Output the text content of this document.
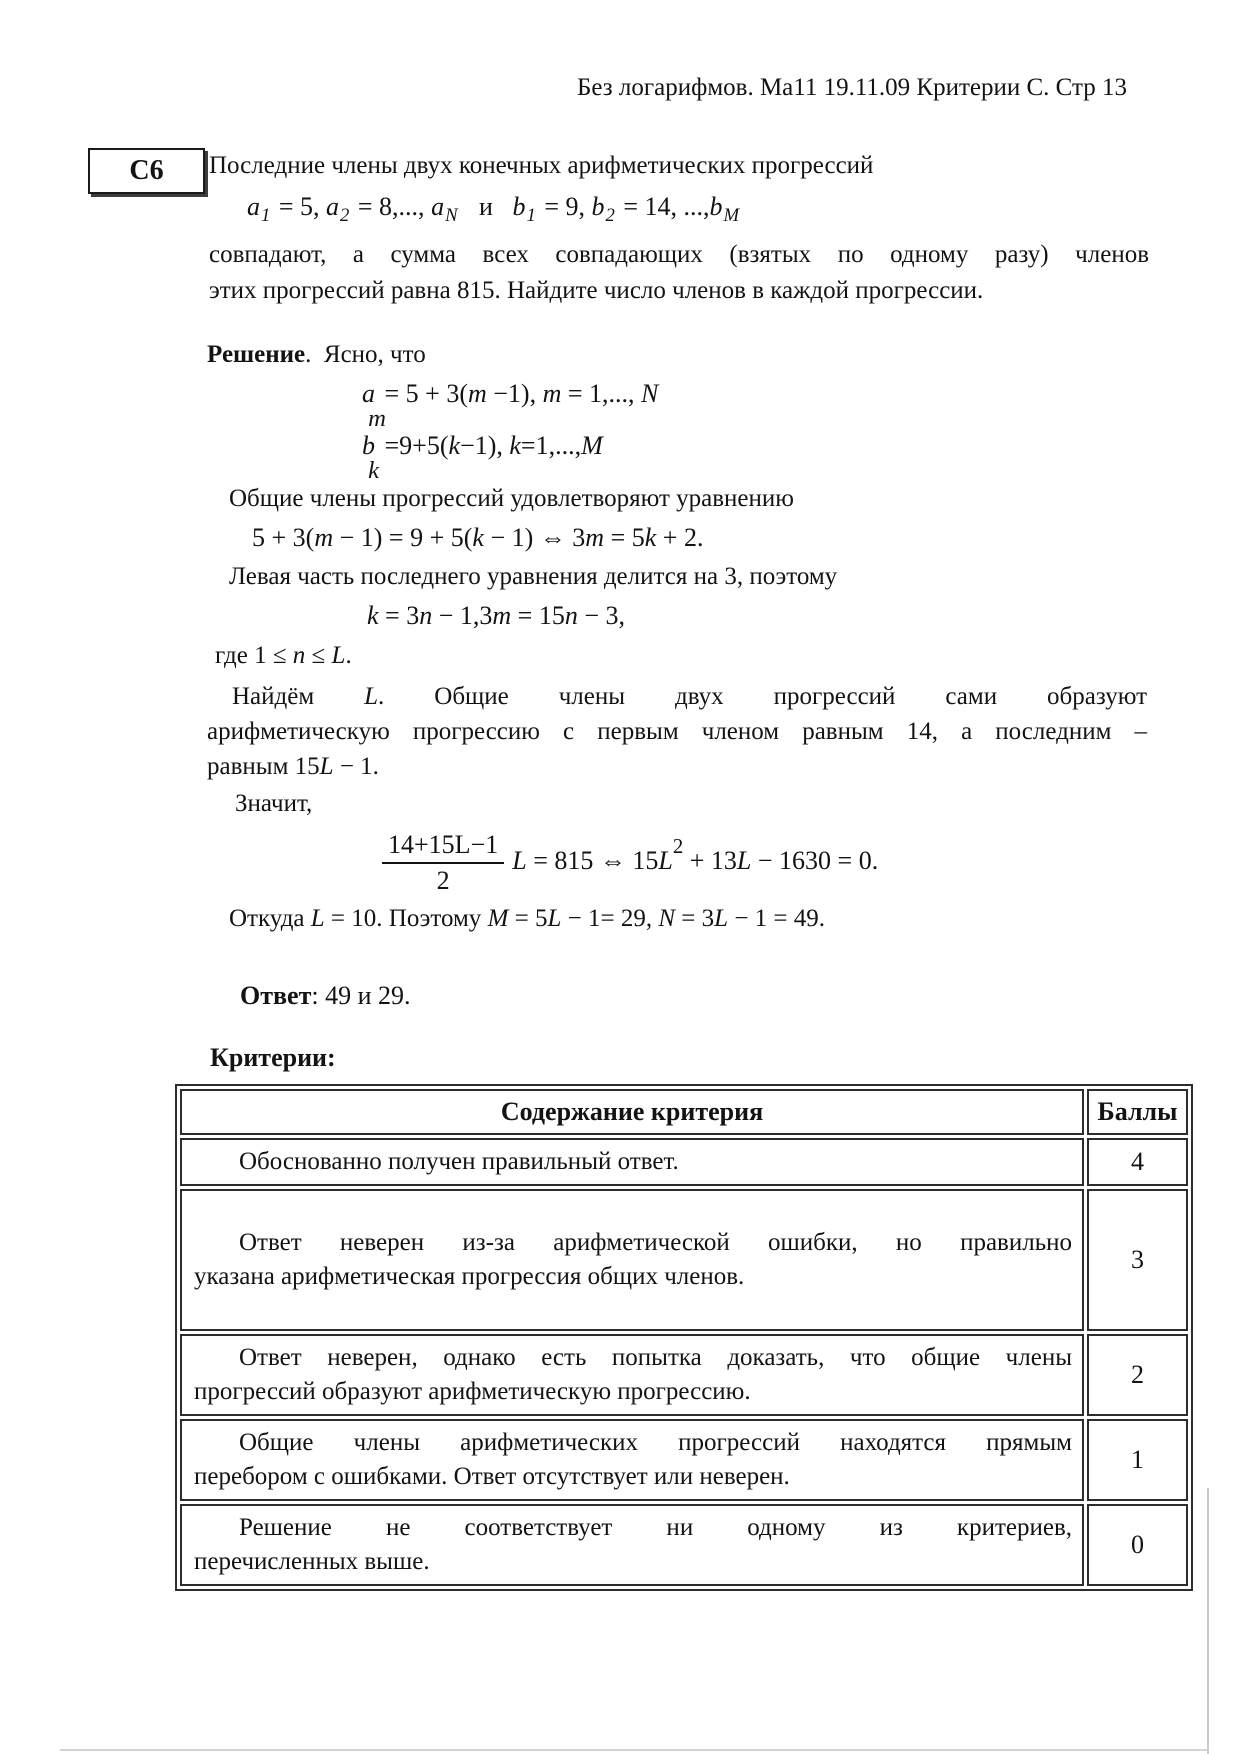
Без логарифмов. Ма11 19.11.09 Критерии С. Стр 13
С6 Последние члены двух конечных арифметических прогрессий
$a_1 = 5$, $a_2 = 8$,..., $a_N$   и   $b_1 = 9$, $b_2 = 14$, $...,b_M$
совпадают, а сумма всех совпадающих (взятых по одному разу) членов
этих прогрессий равна 815. Найдите число членов в каждой прогрессии.
Решение.  Ясно, что
a
m
= 5 + 3(m −1), m = 1,..., N
b
k
=9+5(k−1), k=1,...,M
Общие члены прогрессий удовлетворяют уравнению
5 + 3(m − 1) = 9 + 5(k − 1) ⇔ 3m = 5k + 2.
Левая часть последнего уравнения делится на 3, поэтому
k = 3n − 1,3m = 15n − 3,
где 1 ≤ n ≤ L.
Найдём L. Общие члены двух прогрессий сами образуют
арифметическую прогрессию с первым членом равным 14, а последним –
равным 15L − 1.
Значит,
$\frac{14+15L-1}{2}$ L = 815 ⇔ $15L^2 + 13L - 1630 = 0$.
Откуда L = 10. Поэтому M = 5L − 1= 29, N = 3L − 1 = 49.
Ответ: 49 и 29.
Критерии:
Содержание критерия	Баллы

Обоснованно получен правильный ответ.	4

Ответ неверен из-за арифметической ошибки, но правильно
указана арифметическая прогрессия общих членов.	3

Ответ неверен, однако есть попытка доказать, что общие члены
прогрессий образуют арифметическую прогрессию.	2

Общие члены арифметических прогрессий находятся прямым
перебором с ошибками. Ответ отсутствует или неверен.	1

Решение не соответствует ни одному из критериев,
перечисленных выше.	0
